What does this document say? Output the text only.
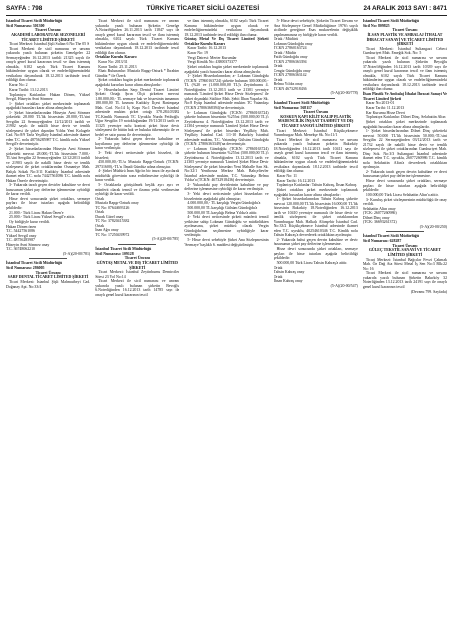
SAYFA : 798	TÜRKİYE TİCARET SİCİLİ GAZETESİ	24 ARALIK 2013 SAYI : 8471

İstanbul Ticaret Sicili Müdürlüğü

Sicil Numarası: 301300

Ticaret Ünvanı:

AKADEMİ LABORATUAR SEZONELERİ TİCARET LİMİTED ŞİRKETİ

Ticari Merkezi: İstanbul Şişli Sultan 6 No:The 05 S

Ticari Merkezi ile sicil numarası ve unvanı yukarıda yazılı bulunan şirketin Genelgeler 22 Sermayeğinden 16.12.2013 tarihli 21325 sayılı ile onaylı genel kurul kararının tescil ve ilanı istenmiş olmakla, 6102 sayılı Türk Ticaret Kanunu hükümlerine uygun olarak ve endelerliğinemizdeki vesikalara dayanılarak 18.12.2013 tarihinde tescil edildiği ilan olunur.

Karar No: 2

Karar Tarihi: 13.12.2013

Toplantıya Katılanlar: Hakan Dönen, Yüksel Sevgil, Hüseyin Avni Sönmez

1- Şirket ortakları şirket merkezinde toplanarak aşağıdaki hususları karar altına almışlardır.

1- Şirket hissedarlarından Hüseyin Avni Sönmez şirketteki 28.000 TL'lik hissesinin 28.000,-TL'sini Sevgilin 22 Sermayeğinden 12/12/2013 tarihli ve 21902 sayılı ile nakilli hisse devir ve temlik sözleşmesi ile şirket dışından Yıldız Yeni Kolagele Cad. No:8/9 Tarla Yeşilköy İstanbul adresinde ikamet eden T.C. nolu 48756285987 T.C. kimlik nolu Yüksel Sevgil'e devretmiştir.

2- Şirket hissedarlarından Hüseyin Avni Sönmez şirketteki mevcut 28.000,-TL'lik hissesinin 7.000,-TL'sini Sevgilin 22 Sermayeğinden 12/12/2013 tarihli ve 21903 sayılı ile nakilli hisse devir ve temlik sözleşmesi ile şirket ortaklarından Osmaniye Mah. Balçık Sokak No:3/11 Kadıköy İstanbul adresinde ikamet eden T.C. nolu 74427561086 T.C. kimlik nolu Hakan Önen'e devretmiştir.

3- Yukarıda tarafı geçen devirler kabulüne ve devri hususunun şirket pay defterine işlenmesine oybirliği ile karar verildi.

Hisse devri sonucunda şirket ortakları, sermaye payları ile hisse tutarları aşağıda belirtildiği şekildedir:

21.000.- Türk Lirası Hakan Önen'e

25.000.- Türk Lirası Yüksel Sevgil'e aittir.

Oy birliğiyle karar verildi.

Hakan Dönen önen
T.C. 54427561086
Yüksel Sevgil onay
T.C. 48756285987
Hüseyin Avni Sönmez onay
T.C. 36748062210

(5-A)(20-00/781)

İstanbul Ticaret Sicili Müdürlüğü

Sicil Numarası: 286005

Ticaret Ünvanı

SARF DENTAL TİCARET LİMİTED ŞİRKETİ

Ticari Merkezi: İstanbul Şişli Mahmutbeyi Cad. Doğanay Apt. No:33/4

Ticari Merkezi ile sicil numarası ve unvanı yukarıda yazılı bulunan Şirketin Genelge A.NotariSğinden 26.11.2013 tarih 11847 sayı ile onaylı genel kurul kararının tescil ve ilanı istenmiş olmakla, 6102 sayılı Türk Ticaret Kanunu hükümlerine uygun olarak ve endelerliğinemizdeki vesikalara dayanılarak 18.12.2013 tarihinde tescil edildiği ilan olunur.

Ortaklar Kurulu Kararı:

Karar No: 2013/31

Karar Tarihi: 25.11.2013

Ebatı Bulunanlar: Mustafa Rapgı-Ozturk * İbrahim Gündüz * ile Özerk

Şirket ortakları bugün şirket merkezinde toplanarak aşağıdaki kararları karar altına almışlardır:

1- Hissedarlardan Sarp Dental Ticaret Limited Şirketi Ortağı Şırın Ölçü şirketten mevcut 1.80.000,00,- TL sermaye hak ve hissesinin tamamını 180.000,00 TL kısmını Kadıköy İlçesi Rasimpaşa Mah. Cad. No:14 İç Kapı No:1 Derdevi İstanbul adresinde mukim şirket ortağı 378.284.03382 TC.Kimlik Numaralı TC Uyruklu Nurda Fetihoğlu Uğur Sevgilin 19 notokluğundan 19/11/2013 tarih ve 11325 yevmiye nolu kontrat şirket hisse devir sözleşmesi ile bütün hak ve hukuku tükenmiştir ile ve bedel ve satır parası ile devretmiştir.

2- Yukarıda bahsi geçen devrin kabulüne ve kayıtlarına pay defterine işlenmesine oybirliği ile karar verilmiştir.

3- Yeki devri neticesinde şirket hisseleri, ile hisseleri;

450.000,00,-TL'sı Mustafa Rapgı-Ozturk (TCKN: 29731600),-TL'sı İlmali Gündüz adına olmuştur.

4- Şirket Müdürü İnan Ağrı'ın bir imza ile ayrılarak müdürlük görevinin sona erdirilmesine oybirliği ile karar verildi.

5- Ortaklarda görüşülmek beşlik ayrı ayrı ve münferit olarak temsil ve ilzama yetki verilmesine oybirliği ile karar verildi.

Ortak
Mustafa Rapgı-Ozturk onay
TC No: 07644693126
Ortak
Durak Gürel onay
TC No: 37820415382
Ortak
İnan Ağrı onay
TC No: 17250439972

(5-A)(20-00/785)

İstanbul Ticaret Sicili Müdürlüğü

Sicil Numarası: 109128

Ticaret Ünvanı

GÜNTAŞ METAL VE DIŞ TİCARET LİMİTED ŞİRKETİ

Ticari Merkezi: İstanbul Zeytinburnu Demirciler Sitesi 23 Yol No:14

Ticari Merkezi ile sicil numarası ve unvanı yukarıda yazılı bulunan şirketin Bevoğlu 6.Noterliğinden 16.12.2013 tarih 14785 sayı ile onaylı genel kurul kararının tescil

ve ilanı istenmiş olmakla, 6102 sayılı Türk Ticaret Kanunu hükümlerine uygun olarak ve endelerliğinemizdeki vesikalara dayanılarak 18.12.2013 tarihinde tescil edildiği ilan olunur.

Güntaş Metal Ve Dış Ticaret Limited Şirketi Ortaklar Kurulu Kararı

Karar Tarihi: 16.12.2013

Karar No: 19

Vergi Dairesi: Merter Kurumlar

Vergi Kimlik No: 43800373377

Şirket ortakları bugün şirket merkezinde toplanarak aşağıdaki yazılı hususları karar altına almışlardır.

1- Şirket Hissedarlarından; a- Lokman Gündoğdu (TCKN: 27860163724) şirkette bulunan 300.000,00,-TL (%20 ve (1.000.000,00 TL)'ı Zeytinburnu 4. Noterliğinden 13.12.2013 tarih ve 21301 yevmiye numaralı 'Limited Şirket Hisse Devir Sözleşmesi' ile şirket dışındaki Sütlüce Mah. Şehit İlhan Yaşarlar Sk. No:8 Eyüp İstanbul adresinde mukim TC Vatandaşı (TCKN 27806368394)'ne devretmiştir.

b- Lokman Gündoğdu (TCKN: 27860163724) şirkette bulunan hissesinin %25'ini (500.000,00 TL)'ı Zeytinburnu 4. Noterliğinden 13.12.2013 tarih ve 21304 yevmiye numaralı 'Limited Şirket Hisse Devir Sözleşmesi' ile şirket hissedarı Yeşilköy Mah. Yeşilköy İstanbul Cad. 1/1-10 Bakırköy İstanbul adresinde mukim, T.C. Vatandaşı Gülsüm Gündoğdu (TCKN: 27806363349)'na devretmiştir.

c- Lokman Gündoğdu (TCKN: 27860163724) şirkette bulunan hissesinin %25'ini (500.000,00 TL)'ı Zeytinburnu 4. Noterliğinden 13.12.2013 tarih ve 21305 yevmiye numaralı 'Limited Şirket Hisse Devir Sözleşmesi' ile şirket hissedarı Yeni Mahalle Sarı Sk. No:32/1 Yenibosna Merkez Mah. Bahçelievler İstanbul adresinde mukim, T.C. Vatandaşı Belma Yıldız'a (TCKN: 46732918436) devretmiştir.

2- Yukarıdaki pay devirlerinin kabulüne ve pay defterine işlenmesine oybirliği ile karar verilmiştir.

3- Yeki devri neticesinde şirket hissedarları ve hisselerinin aşağıdaki gibi olmuştur;

4.000.000,00,- TL karşılığı Vergin Gündoğdu'a

500.000,00 TL karşılığı Gülsüm Gündoğdu'a

500.000,00 TL karşılığı Belma Yıldız'a aittir.

4- Yeki devri neticesinde şirketi münferit temsil yetkisine sahip Lokman Gündoğdu ve müdürlükten ayrılmasına, şirket müdürü olarak Vergin Gündoğdu'nun seçilmesine oybirliğiyle karar verilmiştir.

5- Hisse devri sebebiyle Şirket Ana Sözleşmesinin 'Sermaye' başlıklı 6. maddesi değiştirilmiştir.

5- Hisse devri sebebiyle, Şirketin Ticaret Ünvanı ve Ana Sözleşmeye Genel Müdürlüğünce 1976'ı sayılı sicilinde gereğince Esas mukavelenin değişiklik yapılmamasına oy birliğiyle karar verildi.

Ortak / Müdürü
Lokman Gündoğdu onay
TCKN 27860163724
Ortak / Müdür
Fatih Gündoğdu onay
TCKN 27806363394
Ortak
Cengiz Gündoğdu onay
TCKN 27806363142
Ortak
Belma Yıldız onay
TCKN 46732918436

(5-A)(20-00/778)

İstanbul Ticaret Sicili Müdürlüğü

Sicil Numarası: 568117

Ticaret Ünvanı

KOSKUN KAPI KİLİT KALIP PLASTİK MADENCİLİK İNŞAAT TAAHHÜT VE DIŞ TİCARET SANAYİ LİMİTED ŞİRKETİ

Ticari Merkezi: İstanbul Küçükçekmece Yarımburgaz Mah. Menekşe Sk. No:11/1

Ticari Merkezi ile sicil numarası ve unvanı yukarıda yazılı bulunan şirketin Bakırköy 18.Noterliğinden 16.12.2013 tarih 10411 sayı ile onaylı genel kurul kararının tescil ve ilanı istenmiş olmakla, 6102 sayılı Türk Ticaret Kanunu hükümlerine uygun olarak ve endelerliğinemizdeki vesikalara dayanılarak 18.12.2013 tarihinde tescil edildiği ilan olunur.

Karar No: 11

Karar Tarihi: 16.12.2013

Toplantıya Katılanlar: Tahsin Kahraş, İhsan Kahraş

Şirket ortakları şirket merkezinde toplanarak aşağıdaki hususları karar altına almışlardır:

1- Şirket hissedarlarından Tahsin Kahraş şirkette mevcut 120.000,00 TL'lik hissesinin 16.000,00 TL'lik hissesinin Bakırköy 18.Noterliğinden 16.12.2013 tarih ve 10410 yevmiye numaralı ile hisse devir ve temlik sözleşmesi ile şirket ortaklarından Yarımburgaz Mah. Halkalı Altınşehir İstanbul Cad. No:33/2 Küçükçekmece İstanbul adresinde ikamet eden T.C. uyruklu, 40254610346 T.C. Kimlik nolu Tahsin Kahraş'a devrederek ortaklıktan ayrılmıştır.

2- Yukarıda bahsi geçen devrin kabulüne ve devir hususunun şirket pay defterine işlenmesine.

Hisse devri sonucunda şirket ortakları, sermaye payları ile hisse tutarları aşağıda belirtildiği şekildedir:

500.000,00 Türk Lirası Tahsin Kahraş'a aittir.

Ortak
Tahsin Kahraş onay
Ortak
İhsan Kahraş onay

(5-A)(20-00/547)

İstanbul Ticaret Sicili Müdürlüğü

Sicil No: 809825

Ticaret Ünvanı

İLSAN PLASTİK VE AMBALAJ İTHALAT İHRACAT SANAYİ VE TİCARET LİMİTED ŞİRKETİ

Ticari Merkezi: İstanbul Sultangazi Cebeci Cumhuriyet Mah. Emeğik Sok. No: 5

Ticari Merkezi ile sicil numarası ve unvanı yukarıda yazılı bulunan Şirketin Beyoğlu 37.NoterliSğinden 16.12.2013 tarih 10339 sayı ile onaylı genel kurul kararının tescil ve ilanı istenmiş olmakla, 6102 sayılı Türk Ticaret Kanunu hükümlerine uygun olarak ve endelerliğinemizdeki vesikalara dayanılarak 18.12.2013 tarihinde tescil edildiği ilan olunur.

İlsan Plastik Ve Ambalaj İthalat İhracat Sanayi Ve Ticaret Limited Şirketi

Karar No:2013-01

Karar Tarihi: 11.12.2013

Kar Kurumu Hisse Devri

Toplantıya Katılanlar: Dilnet Dinç, Selahattin Altın

Şirket ortakları şirket merkezinde toplanarak aşağıdaki hususları karar altına almışlardır.

1- Şirket hissedarlarından Dilnet Dinç şirketteki mevcut 50.000 TL'lik hissesinin 50.000,-TL'sini Sevgilin 22 Sermayeğinden 03/12/2013 tarih ve 21732 sayılı ile nakilli hisse devir ve temlik sözleşmesi ile şirket ortaklarından Cumhuriyet Mah. Dinç Sok. No:3/3 Sultangazi İstanbul adresinde ikamet eden T.C. uyruklu, 26077260986 T.C. kimlik nolu Selahattin Altın'a devrederek ortaklıktan ayrılmıştır.

2- Yukarıda tarafı geçen devrin kabulüne ve devri hususunun şirket pay defterine işlenmesine.

Hisse devri sonucunda şirket ortakları, sermaye payları ile hisse tutarları aşağıda belirtildiği şekildedir:

100.000,00 Türk Lirası Selahattin Altın'a aittir.

3- Kuruluş şirket sözleşmesinin müdürlüğü ile onay verildi.

Selahattin Altın onay
(TCK: 26077260986)
Dilnet Dinç onay
(TCK: 36693261372)

(5-A)(20-00/250)

İstanbul Ticaret Sicili Müdürlüğü

Sicil Numarası: 628287

Ticaret Ünvanı

GÜLEÇ TEKSTİL SANAYİ VE TİCARET LİMİTED ŞİRKETİ

Ticari Merkezi: İstanbul Bağcılar Fevzi Çakmak Mah. Öz Dağ Ata Sitesi Metal İş Sen No:3 Blk:22 No: 16

Ticari Merkezi ile sicil numarası ve unvanı yukarıda yazılı bulunan Şirketin Bakırköy 32 Noterliğinden 13.12.2013 tarih 24191 sayı ile onaylı genel kurul kararının tescil

(Devamı 799. Sayfada)
